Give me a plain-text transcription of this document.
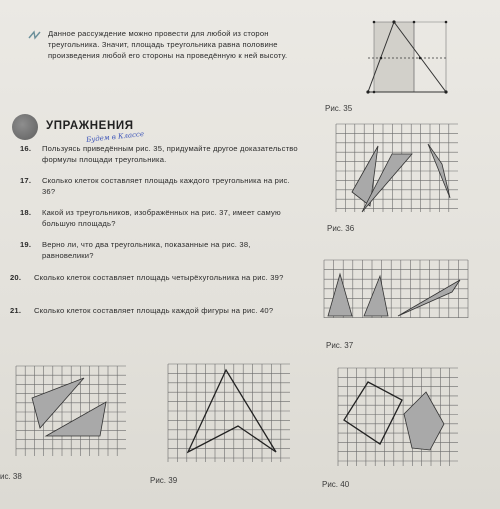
Данное рассуждение можно провести для любой из сторон треугольника. Значит, площадь треугольника равна половине произведения любой его стороны на проведённую к ней высоту.
Рис. 35
УПРАЖНЕНИЯ
Будем в Классе
16. Пользуясь приведённым рис. 35, придумайте другое доказательство формулы площади треугольника.
17. Сколько клеток составляет площадь каждого треугольника на рис. 36?
18. Какой из треугольников, изображённых на рис. 37, имеет самую большую площадь?
19. Верно ли, что два треугольника, показанные на рис. 38, равновелики?
20. Сколько клеток составляет площадь четырёхугольника на рис. 39?
21. Сколько клеток составляет площадь каждой фигуры на рис. 40?
Рис. 36
Рис. 37
ис. 38	Рис. 39	Рис. 40
